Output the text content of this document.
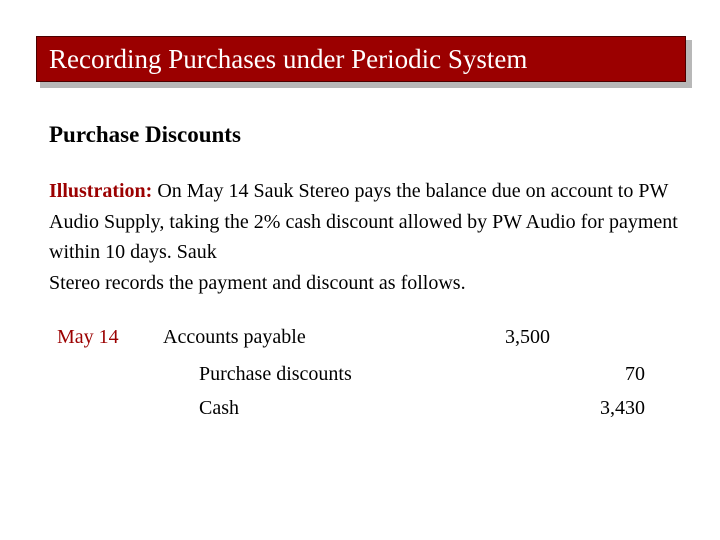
Recording Purchases under Periodic System
Purchase Discounts
Illustration: On May 14 Sauk Stereo pays the balance due on account to PW Audio Supply, taking the 2% cash discount allowed by PW Audio for payment within 10 days. Sauk
Stereo records the payment and discount as follows.
May 14 Accounts payable	3,500
Purchase discounts	70
Cash	3,430
